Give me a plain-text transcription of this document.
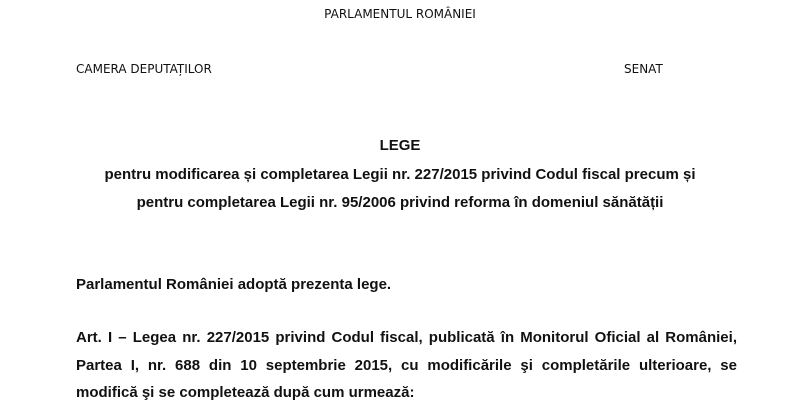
PARLAMENTUL ROMÂNIEI
CAMERA DEPUTAȚILOR	SENAT
LEGE
pentru modificarea și completarea Legii nr. 227/2015 privind Codul fiscal precum și
pentru completarea Legii nr. 95/2006 privind reforma în domeniul sănătății
Parlamentul României adoptă prezenta lege.
Art. I – Legea nr. 227/2015 privind Codul fiscal, publicată în Monitorul Oficial al României,
Partea I, nr. 688 din 10 septembrie 2015, cu modificările şi completările ulterioare, se
modifică şi se completează după cum urmează:
